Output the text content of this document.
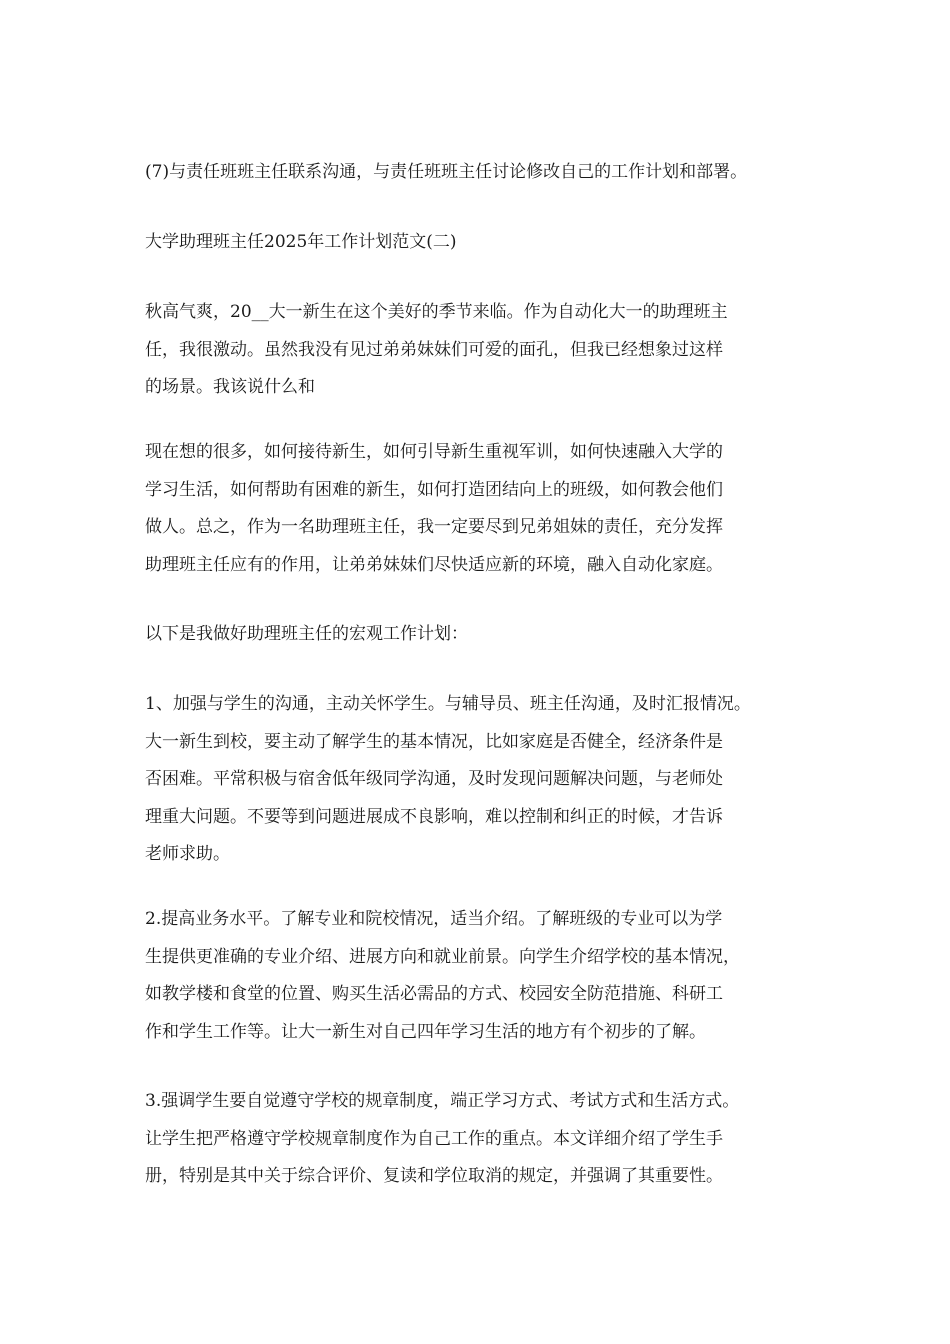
(7)与责任班班主任联系沟通，与责任班班主任讨论修改自己的工作计划和部署。
大学助理班主任2025年工作计划范文(二)
秋高气爽，20__大一新生在这个美好的季节来临。作为自动化大一的助理班主
任，我很激动。虽然我没有见过弟弟妹妹们可爱的面孔，但我已经想象过这样
的场景。我该说什么和
现在想的很多，如何接待新生，如何引导新生重视军训，如何快速融入大学的
学习生活，如何帮助有困难的新生，如何打造团结向上的班级，如何教会他们
做人。总之，作为一名助理班主任，我一定要尽到兄弟姐妹的责任，充分发挥
助理班主任应有的作用，让弟弟妹妹们尽快适应新的环境，融入自动化家庭。
以下是我做好助理班主任的宏观工作计划：
1、加强与学生的沟通，主动关怀学生。与辅导员、班主任沟通，及时汇报情况。
大一新生到校，要主动了解学生的基本情况，比如家庭是否健全，经济条件是
否困难。平常积极与宿舍低年级同学沟通，及时发现问题解决问题，与老师处
理重大问题。不要等到问题进展成不良影响，难以控制和纠正的时候，才告诉
老师求助。
2.提高业务水平。了解专业和院校情况，适当介绍。了解班级的专业可以为学
生提供更准确的专业介绍、进展方向和就业前景。向学生介绍学校的基本情况，
如教学楼和食堂的位置、购买生活必需品的方式、校园安全防范措施、科研工
作和学生工作等。让大一新生对自己四年学习生活的地方有个初步的了解。
3.强调学生要自觉遵守学校的规章制度，端正学习方式、考试方式和生活方式。
让学生把严格遵守学校规章制度作为自己工作的重点。本文详细介绍了学生手
册，特别是其中关于综合评价、复读和学位取消的规定，并强调了其重要性。
